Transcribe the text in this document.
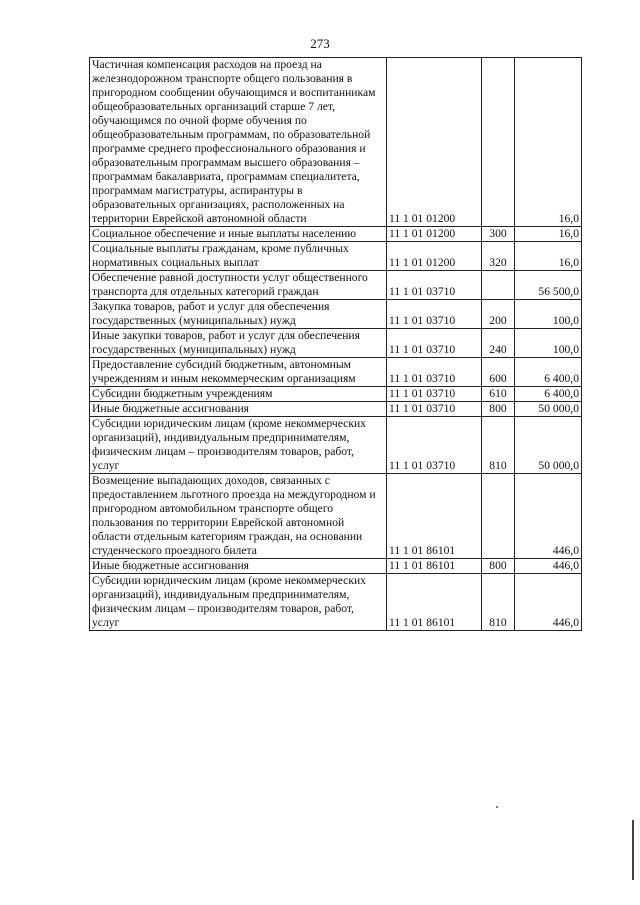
273
Частичная компенсация расходов на проезд на железнодорожном транспорте общего пользования в пригородном сообщении обучающимся и воспитанникам общеобразовательных организаций старше 7 лет, обучающимся по очной форме обучения по общеобразовательным программам, по образовательной программе среднего профессионального образования и образовательным программам высшего образования – программам бакалавриата, программам специалитета, программам магистратуры, аспирантуры в образовательных организациях, расположенных на территории Еврейской автономной области	11 1 01 01200		16,0
Социальное обеспечение и иные выплаты населению	11 1 01 01200	300	16,0
Социальные выплаты гражданам, кроме публичных нормативных социальных выплат	11 1 01 01200	320	16,0
Обеспечение равной доступности услуг общественного транспорта для отдельных категорий граждан	11 1 01 03710		56 500,0
Закупка товаров, работ и услуг для обеспечения государственных (муниципальных) нужд	11 1 01 03710	200	100,0
Иные закупки товаров, работ и услуг для обеспечения государственных (муниципальных) нужд	11 1 01 03710	240	100,0
Предоставление субсидий бюджетным, автономным учреждениям и иным некоммерческим организациям	11 1 01 03710	600	6 400,0
Субсидии бюджетным учреждениям	11 1 01 03710	610	6 400,0
Иные бюджетные ассигнования	11 1 01 03710	800	50 000,0
Субсидии юридическим лицам (кроме некоммерческих организаций), индивидуальным предпринимателям, физическим лицам – производителям товаров, работ, услуг	11 1 01 03710	810	50 000,0
Возмещение выпадающих доходов, связанных с предоставлением льготного проезда на междугородном и пригородном автомобильном транспорте общего пользования по территории Еврейской автономной области отдельным категориям граждан, на основании студенческого проездного билета	11 1 01 86101		446,0
Иные бюджетные ассигнования	11 1 01 86101	800	446,0
Субсидии юридическим лицам (кроме некоммерческих организаций), индивидуальным предпринимателям, физическим лицам – производителям товаров, работ, услуг	11 1 01 86101	810	446,0
